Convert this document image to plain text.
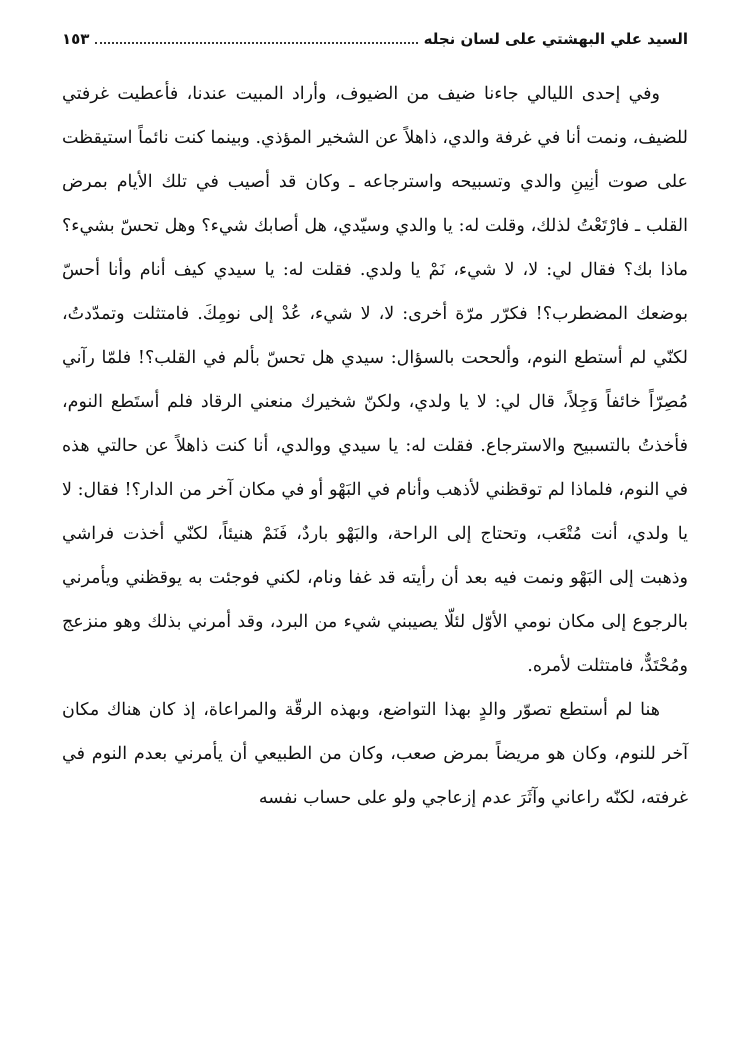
السيد علي البهشتي على لسان نجله
١٥٣

وفي إحدى الليالي جاءنا ضيف من الضيوف، وأراد المبيت عندنا، فأعطيت غرفتي للضيف، ونمت أنا في غرفة والدي، ذاهلاً عن الشخير المؤذي. وبينما كنت نائماً استيقظت على صوت أنِينِ والدي وتسبيحه واسترجاعه ـ وكان قد أصيب في تلك الأيام بمرض القلب ـ فارْتَعْتُ لذلك، وقلت له: يا والدي وسيّدي، هل أصابك شيء؟ وهل تحسّ بشيء؟ ماذا بك؟ فقال لي: لا، لا شيء، نَمْ يا ولدي. فقلت له: يا سيدي كيف أنام وأنا أحسّ بوضعك المضطرب؟! فكرّر مرّة أخرى: لا، لا شيء، عُدْ إلى نومِكَ. فامتثلت وتمدّدتُ، لكنّي لم أستطع النوم، وألححت بالسؤال: سيدي هل تحسّ بألم في القلب؟! فلمّا رآني مُصِرّاً خائفاً وَجِلاً، قال لي: لا يا ولدي، ولكنّ شخيرك منعني الرقاد فلم أستَطع النوم، فأخذتُ بالتسبيح والاسترجاع. فقلت له: يا سيدي ووالدي، أنا كنت ذاهلاً عن حالتي هذه في النوم، فلماذا لم توقظني لأذهب وأنام في البَهْو أو في مكان آخر من الدار؟! فقال: لا يا ولدي، أنت مُتْعَب، وتحتاج إلى الراحة، والبَهْو باردٌ، فَنَمْ هنيئاً، لكنّي أخذت فراشي وذهبت إلى البَهْو ونمت فيه بعد أن رأيته قد غفا ونام، لكني فوجئت به يوقظني ويأمرني بالرجوع إلى مكان نومي الأوّل لئلّا يصيبني شيء من البرد، وقد أمرني بذلك وهو منزعج ومُحْتَدٌّ، فامتثلت لأمره.

هنا لم أستطع تصوّر والدٍ بهذا التواضع، وبهذه الرقّة والمراعاة، إذ كان هناك مكان آخر للنوم، وكان هو مريضاً بمرض صعب، وكان من الطبيعي أن يأمرني بعدم النوم في غرفته، لكنّه راعاني وآثَرَ عدم إزعاجي ولو على حساب نفسه
